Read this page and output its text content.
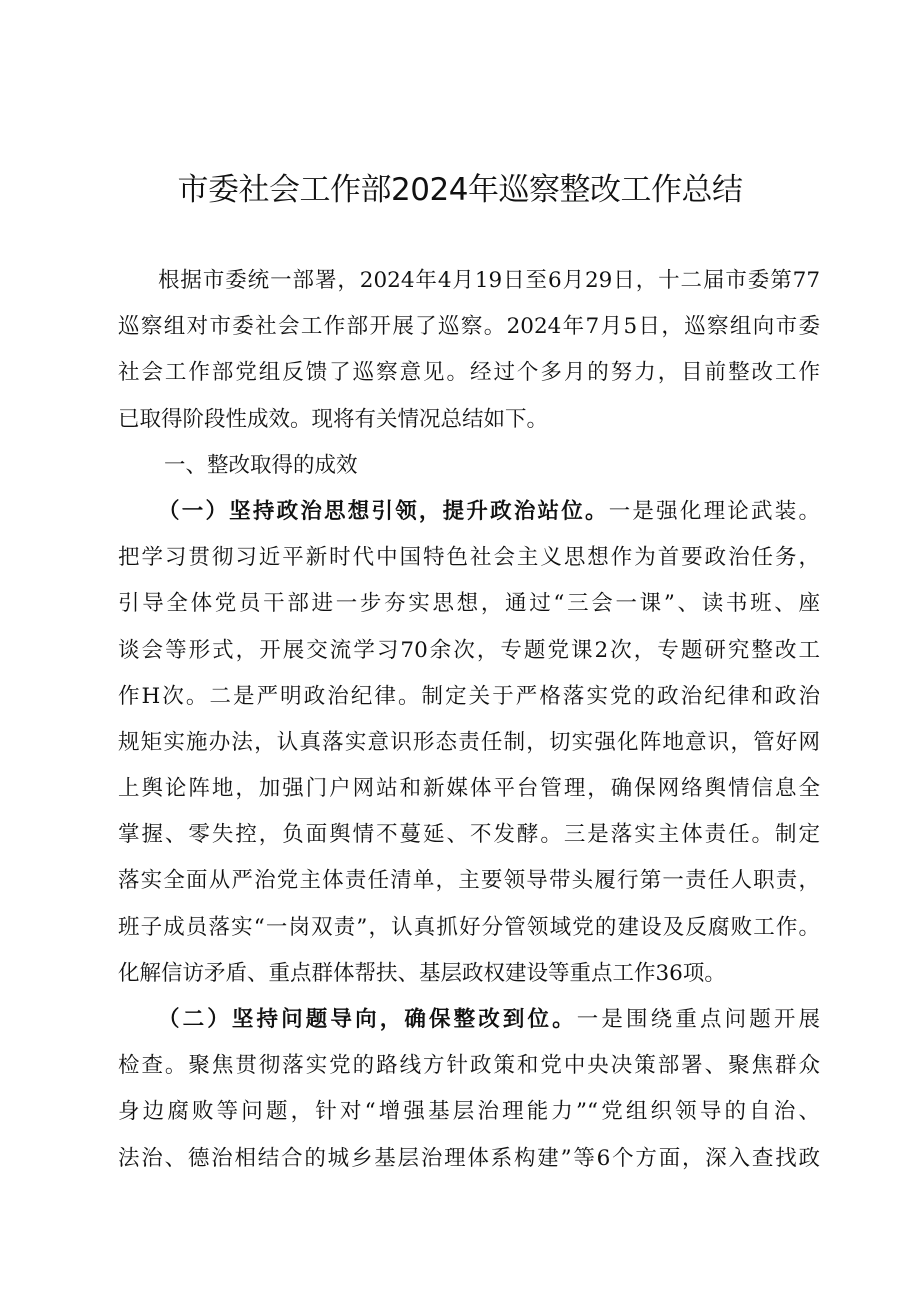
市委社会工作部2024年巡察整改工作总结
根据市委统一部署，2024年4月19日至6月29日，十二届市委第77
巡察组对市委社会工作部开展了巡察。2024年7月5日，巡察组向市委
社会工作部党组反馈了巡察意见。经过个多月的努力，目前整改工作
已取得阶段性成效。现将有关情况总结如下。
一、整改取得的成效
（一）坚持政治思想引领，提升政治站位。一是强化理论武装。
把学习贯彻习近平新时代中国特色社会主义思想作为首要政治任务，
引导全体党员干部进一步夯实思想，通过“三会一课”、读书班、座
谈会等形式，开展交流学习70余次，专题党课2次，专题研究整改工
作H次。二是严明政治纪律。制定关于严格落实党的政治纪律和政治
规矩实施办法，认真落实意识形态责任制，切实强化阵地意识，管好网
上舆论阵地，加强门户网站和新媒体平台管理，确保网络舆情信息全
掌握、零失控，负面舆情不蔓延、不发酵。三是落实主体责任。制定
落实全面从严治党主体责任清单，主要领导带头履行第一责任人职责，
班子成员落实“一岗双责”，认真抓好分管领域党的建设及反腐败工作。
化解信访矛盾、重点群体帮扶、基层政权建设等重点工作36项。
（二）坚持问题导向，确保整改到位。一是围绕重点问题开展
检查。聚焦贯彻落实党的路线方针政策和党中央决策部署、聚焦群众
身边腐败等问题，针对“增强基层治理能力”“党组织领导的自治、
法治、德治相结合的城乡基层治理体系构建”等6个方面，深入查找政
